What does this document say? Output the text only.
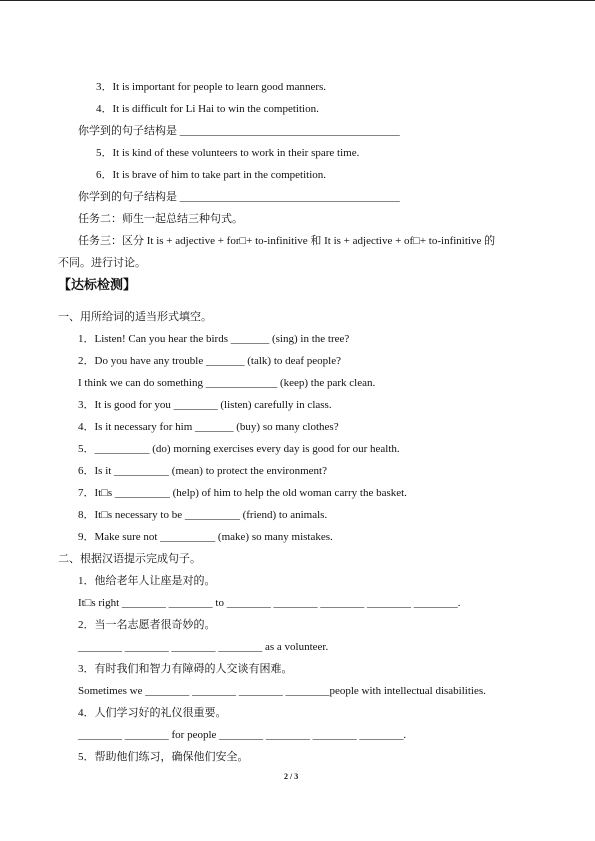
3．It is important for people to learn good manners.
4．It is difficult for Li Hai to win the competition.
你学到的句子结构是 ________________________________________
5．It is kind of these volunteers to work in their spare time.
6．It is brave of him to take part in the competition.
你学到的句子结构是 ________________________________________
任务二：师生一起总结三种句式。
任务三：区分 It is + adjective + for□+ to-infinitive 和 It is + adjective + of□+ to-infinitive 的
不同。进行讨论。
【达标检测】
一、用所给词的适当形式填空。
1．Listen! Can you hear the birds _______ (sing) in the tree?
2．Do you have any trouble _______ (talk) to deaf people?
I think we can do something _____________ (keep) the park clean.
3．It is good for you ________ (listen) carefully in class.
4．Is it necessary for him _______ (buy) so many clothes?
5．__________ (do) morning exercises every day is good for our health.
6．Is it __________ (mean) to protect the environment?
7．It□s __________ (help) of him to help the old woman carry the basket.
8．It□s necessary to be __________ (friend) to animals.
9．Make sure not __________ (make) so many mistakes.
二、根据汉语提示完成句子。
1．他给老年人让座是对的。
It□s right ________ ________ to ________ ________ ________ ________ ________.
2．当一名志愿者很奇妙的。
________ ________ ________ ________ as a volunteer.
3．有时我们和智力有障碍的人交谈有困难。
Sometimes we ________ ________ ________ ________people with intellectual disabilities.
4．人们学习好的礼仪很重要。
________ ________ for people ________ ________ ________ ________.
5．帮助他们练习，确保他们安全。
2 / 3
